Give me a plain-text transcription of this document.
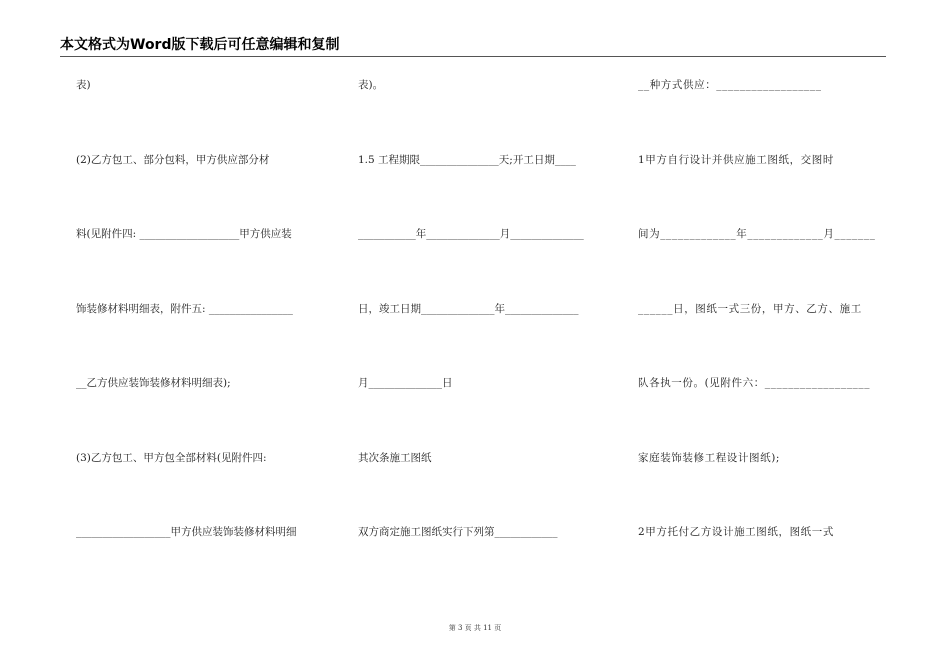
本文格式为Word版下载后可任意编辑和复制
表)
(2)乙方包工、部分包料，甲方供应部分材
料(见附件四: ___________________甲方供应装
饰装修材料明细表，附件五: ________________
__乙方供应装饰装修材料明细表);
(3)乙方包工、甲方包全部材料(见附件四:
__________________甲方供应装饰装修材料明细
表)。
1.5 工程期限_______________天;开工日期____
___________年______________月______________
日，竣工日期______________年______________
月______________日
其次条施工图纸
双方商定施工图纸实行下列第____________
__种方式供应：__________________
1甲方自行设计并供应施工图纸，交图时
间为_____________年_____________月_______
______日，图纸一式三份，甲方、乙方、施工
队各执一份。(见附件六：__________________
家庭装饰装修工程设计图纸);
2甲方托付乙方设计施工图纸，图纸一式
第 3 页 共 11 页
